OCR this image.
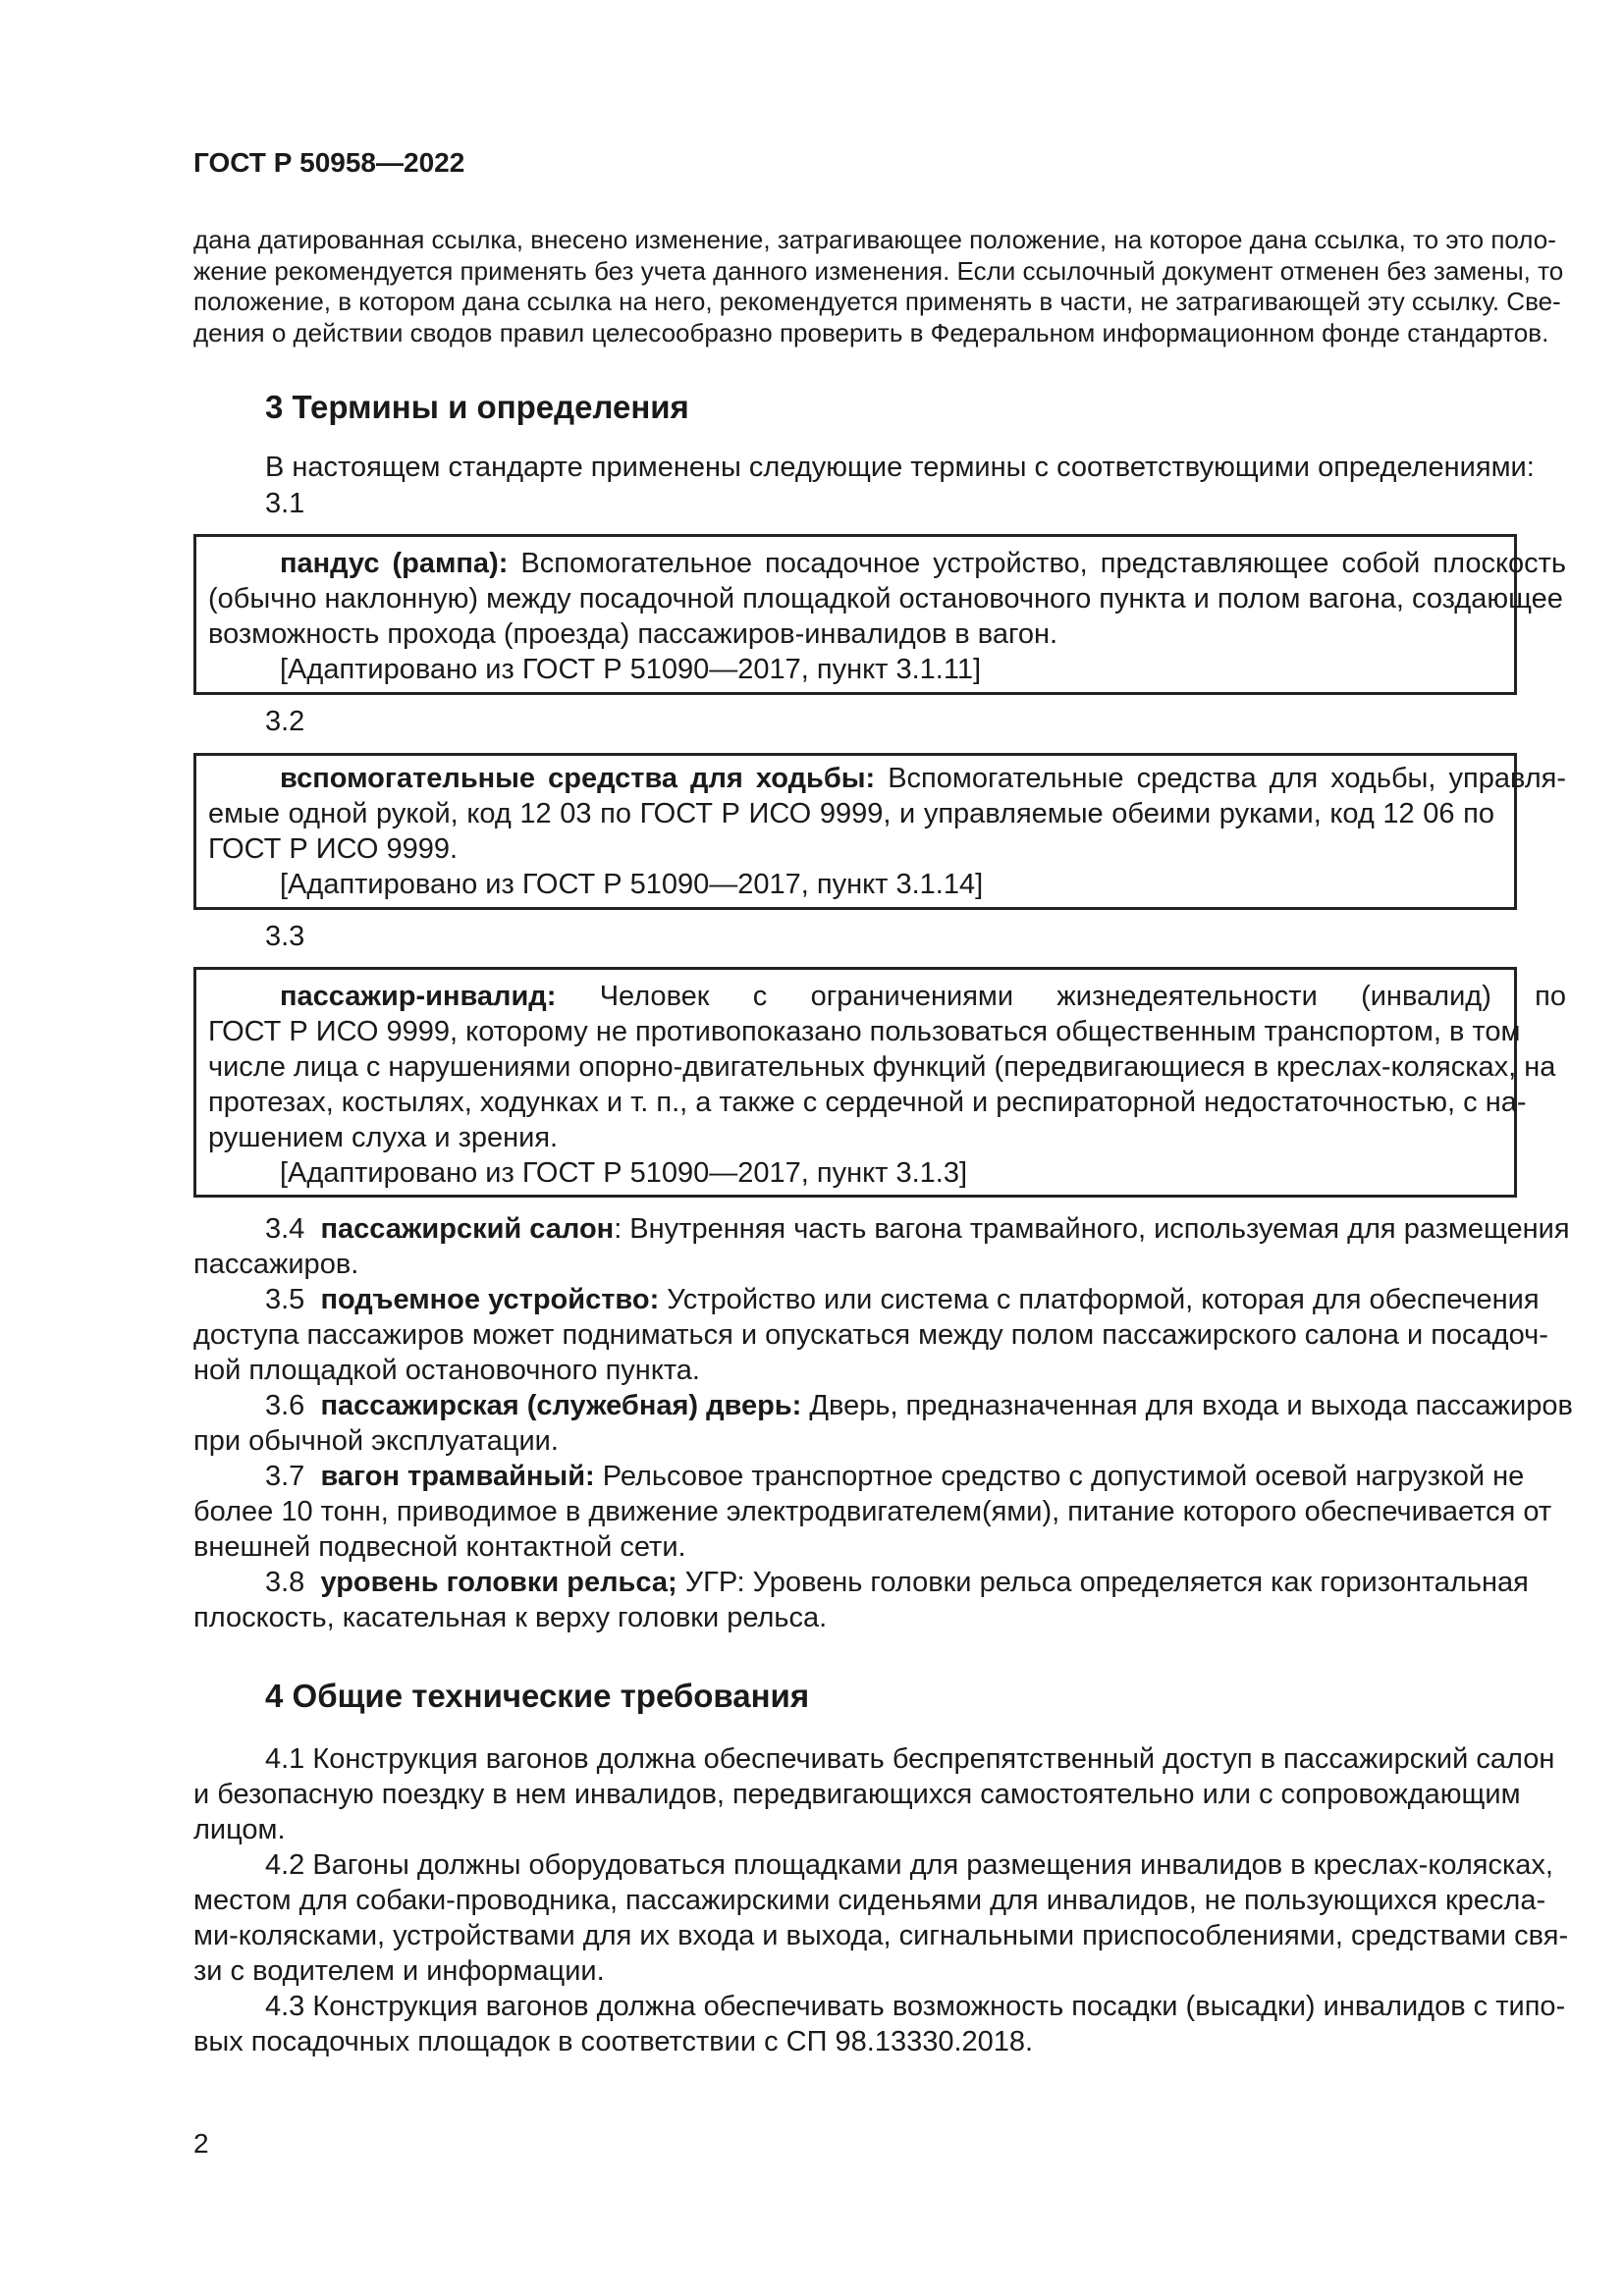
ГОСТ Р 50958—2022
дана датированная ссылка, внесено изменение, затрагивающее положение, на которое дана ссылка, то это поло-
жение рекомендуется применять без учета данного изменения. Если ссылочный документ отменен без замены, то
положение, в котором дана ссылка на него, рекомендуется применять в части, не затрагивающей эту ссылку. Све-
дения о действии сводов правил целесообразно проверить в Федеральном информационном фонде стандартов.
3 Термины и определения
В настоящем стандарте применены следующие термины с соответствующими определениями:
3.1
пандус (рампа): Вспомогательное посадочное устройство, представляющее собой плоскость
(обычно наклонную) между посадочной площадкой остановочного пункта и полом вагона, создающее
возможность прохода (проезда) пассажиров-инвалидов в вагон.
[Адаптировано из ГОСТ Р 51090—2017, пункт 3.1.11]
3.2
вспомогательные средства для ходьбы: Вспомогательные средства для ходьбы, управля-
емые одной рукой, код 12 03 по ГОСТ Р ИСО 9999, и управляемые обеими руками, код 12 06 по
ГОСТ Р ИСО 9999.
[Адаптировано из ГОСТ Р 51090—2017, пункт 3.1.14]
3.3
пассажир-инвалид: Человек с ограничениями жизнедеятельности (инвалид) по
ГОСТ Р ИСО 9999, которому не противопоказано пользоваться общественным транспортом, в том
числе лица с нарушениями опорно-двигательных функций (передвигающиеся в креслах-колясках, на
протезах, костылях, ходунках и т. п., а также с сердечной и респираторной недостаточностью, с на-
рушением слуха и зрения.
[Адаптировано из ГОСТ Р 51090—2017, пункт 3.1.3]
3.4 пассажирский салон: Внутренняя часть вагона трамвайного, используемая для размещения
пассажиров.
3.5 подъемное устройство: Устройство или система с платформой, которая для обеспечения
доступа пассажиров может подниматься и опускаться между полом пассажирского салона и посадоч-
ной площадкой остановочного пункта.
3.6 пассажирская (служебная) дверь: Дверь, предназначенная для входа и выхода пассажиров
при обычной эксплуатации.
3.7 вагон трамвайный: Рельсовое транспортное средство с допустимой осевой нагрузкой не
более 10 тонн, приводимое в движение электродвигателем(ями), питание которого обеспечивается от
внешней подвесной контактной сети.
3.8 уровень головки рельса; УГР: Уровень головки рельса определяется как горизонтальная
плоскость, касательная к верху головки рельса.
4 Общие технические требования
4.1 Конструкция вагонов должна обеспечивать беспрепятственный доступ в пассажирский салон
и безопасную поездку в нем инвалидов, передвигающихся самостоятельно или с сопровождающим
лицом.
4.2 Вагоны должны оборудоваться площадками для размещения инвалидов в креслах-колясках,
местом для собаки-проводника, пассажирскими сиденьями для инвалидов, не пользующихся кресла-
ми-колясками, устройствами для их входа и выхода, сигнальными приспособлениями, средствами свя-
зи с водителем и информации.
4.3 Конструкция вагонов должна обеспечивать возможность посадки (высадки) инвалидов с типо-
вых посадочных площадок в соответствии с СП 98.13330.2018.
2
